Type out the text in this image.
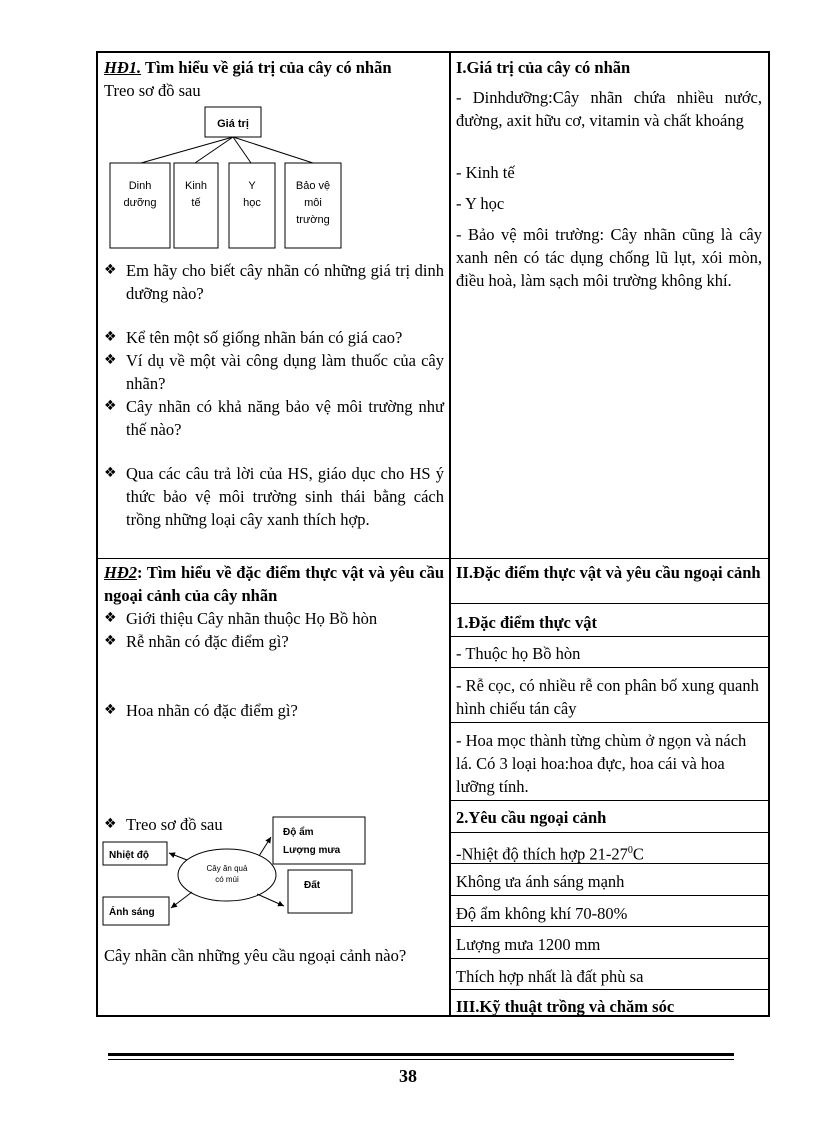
HĐ1. Tìm hiểu về giá trị của cây có nhãn

Treo sơ đồ sau

Giá trị
Dinh
dưỡng
Kinh
tế
Y
học
Bảo vệ
môi
trường

❖ Em hãy cho biết cây nhãn có những giá trị dinh dưỡng nào?

❖ Kể tên một số giống nhãn bán có giá cao?

❖ Ví dụ về một vài công dụng làm thuốc của cây nhãn?

❖ Cây nhãn có khả năng bảo vệ môi trường như thế nào?

❖ Qua các câu trả lời của HS, giáo dục cho HS ý thức bảo vệ môi trường sinh thái bằng cách trồng những loại cây xanh thích hợp.

I.Giá trị của cây có nhãn

- Dinhdưỡng:Cây nhãn chứa nhiều nước, đường, axit hữu cơ, vitamin và chất khoáng

- Kinh tế

- Y học

- Bảo vệ môi trường: Cây nhãn cũng là cây xanh nên có tác dụng chống lũ lụt, xói mòn, điều hoà, làm sạch môi trường không khí.

HĐ2: Tìm hiểu về đặc điểm thực vật và yêu cầu ngoại cảnh của cây nhãn

❖ Giới thiệu Cây nhãn thuộc Họ Bồ hòn

❖ Rễ nhãn có đặc điểm gì?

❖ Hoa nhãn có đặc điểm gì?

❖ Treo sơ đồ sau	Độ ẩm
Lượng mưa
Nhiệt độ
Cây ăn quả
có múi
Đất
Ánh sáng

Cây nhãn cần những yêu cầu ngoại cảnh nào?

II.Đặc điểm thực vật và yêu cầu ngoại cảnh

1.Đặc điểm thực vật

- Thuộc họ Bồ hòn

- Rễ cọc, có nhiều rễ con phân bố xung quanh hình chiếu tán cây

- Hoa mọc thành từng chùm ở ngọn và nách lá. Có 3 loại hoa:hoa đực, hoa cái và hoa lưỡng tính.

2.Yêu cầu ngoại cảnh

-Nhiệt độ thích hợp $21-27^0C$

Không ưa ánh sáng mạnh

Độ ẩm không khí 70-80%

Lượng mưa 1200 mm

Thích hợp nhất là đất phù sa

III.Kỹ thuật trồng và chăm sóc

38
